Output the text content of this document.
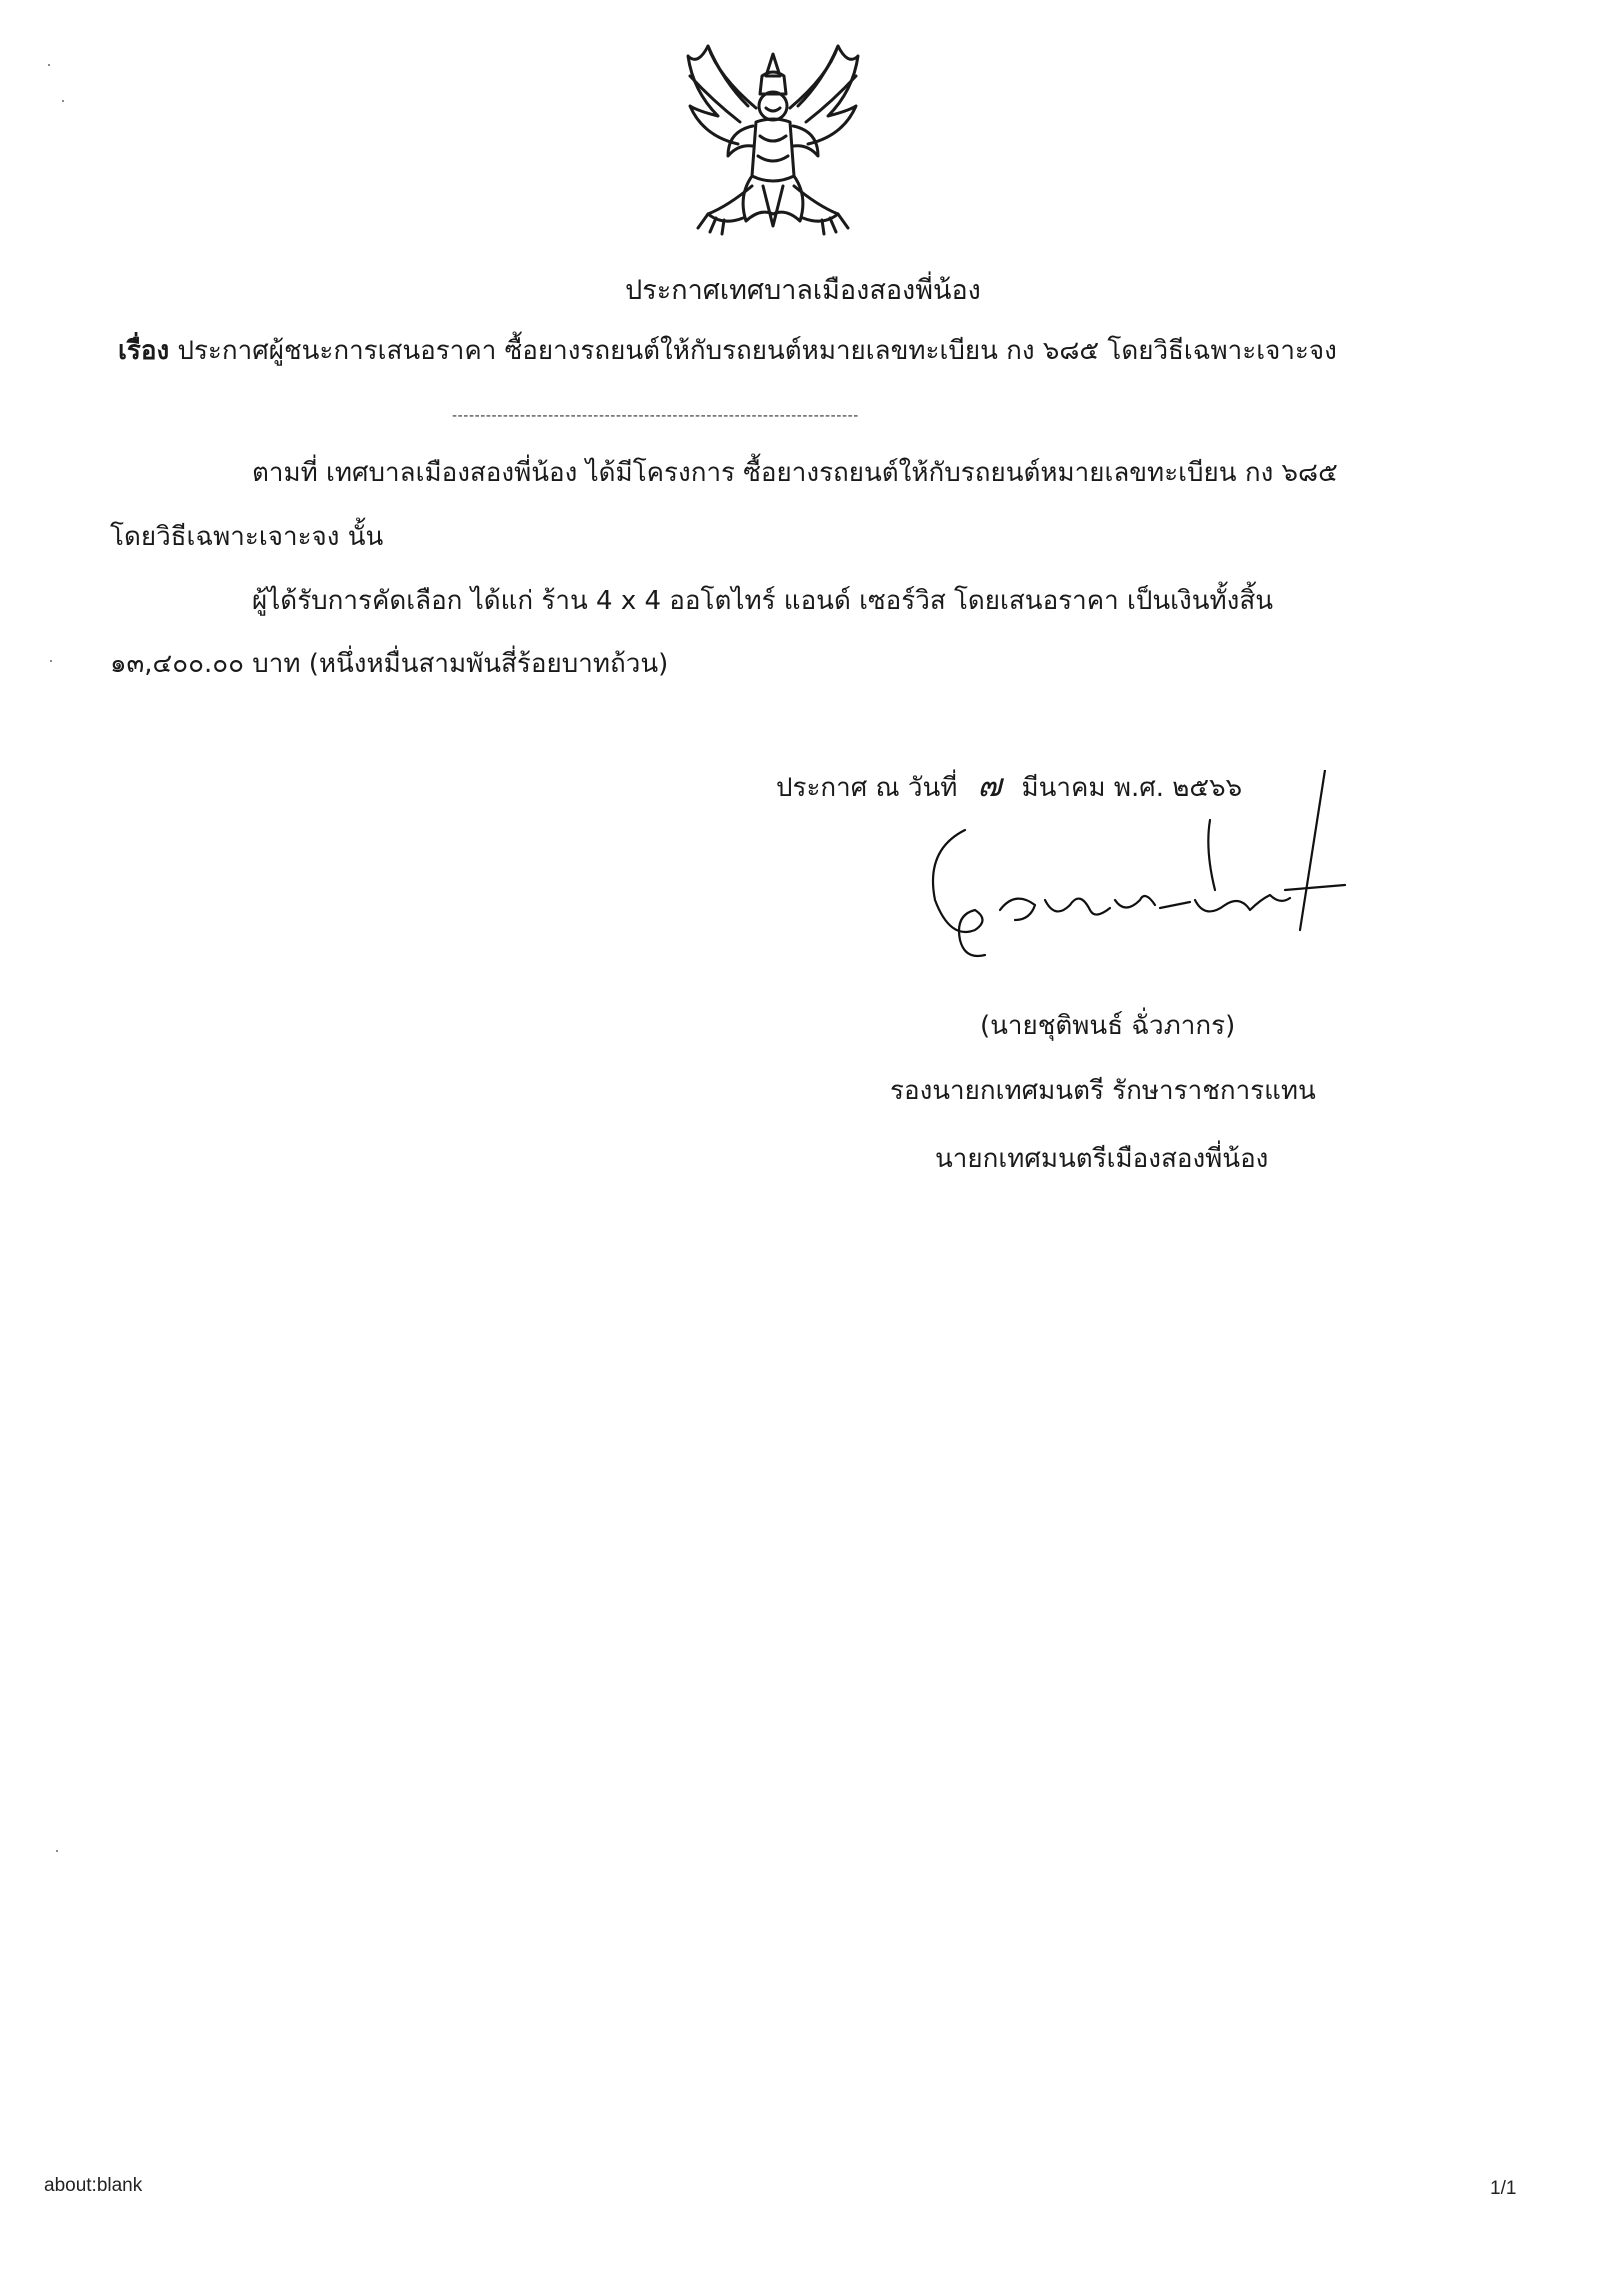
ประกาศเทศบาลเมืองสองพี่น้อง
เรื่อง ประกาศผู้ชนะการเสนอราคา ซื้อยางรถยนต์ให้กับรถยนต์หมายเลขทะเบียน กง ๖๘๕ โดยวิธีเฉพาะเจาะจง
------------------------------------------------------------------------
ตามที่ เทศบาลเมืองสองพี่น้อง ได้มีโครงการ ซื้อยางรถยนต์ให้กับรถยนต์หมายเลขทะเบียน กง ๖๘๕
โดยวิธีเฉพาะเจาะจง นั้น
ผู้ได้รับการคัดเลือก ได้แก่ ร้าน 4 x 4 ออโตไทร์ แอนด์ เซอร์วิส โดยเสนอราคา เป็นเงินทั้งสิ้น
๑๓,๔๐๐.๐๐ บาท (หนึ่งหมื่นสามพันสี่ร้อยบาทถ้วน)
ประกาศ ณ วันที่ ๗ มีนาคม พ.ศ. ๒๕๖๖
(นายชุติพนธ์ ฉั่วภากร)
รองนายกเทศมนตรี รักษาราชการแทน
นายกเทศมนตรีเมืองสองพี่น้อง
about:blank	1/1
